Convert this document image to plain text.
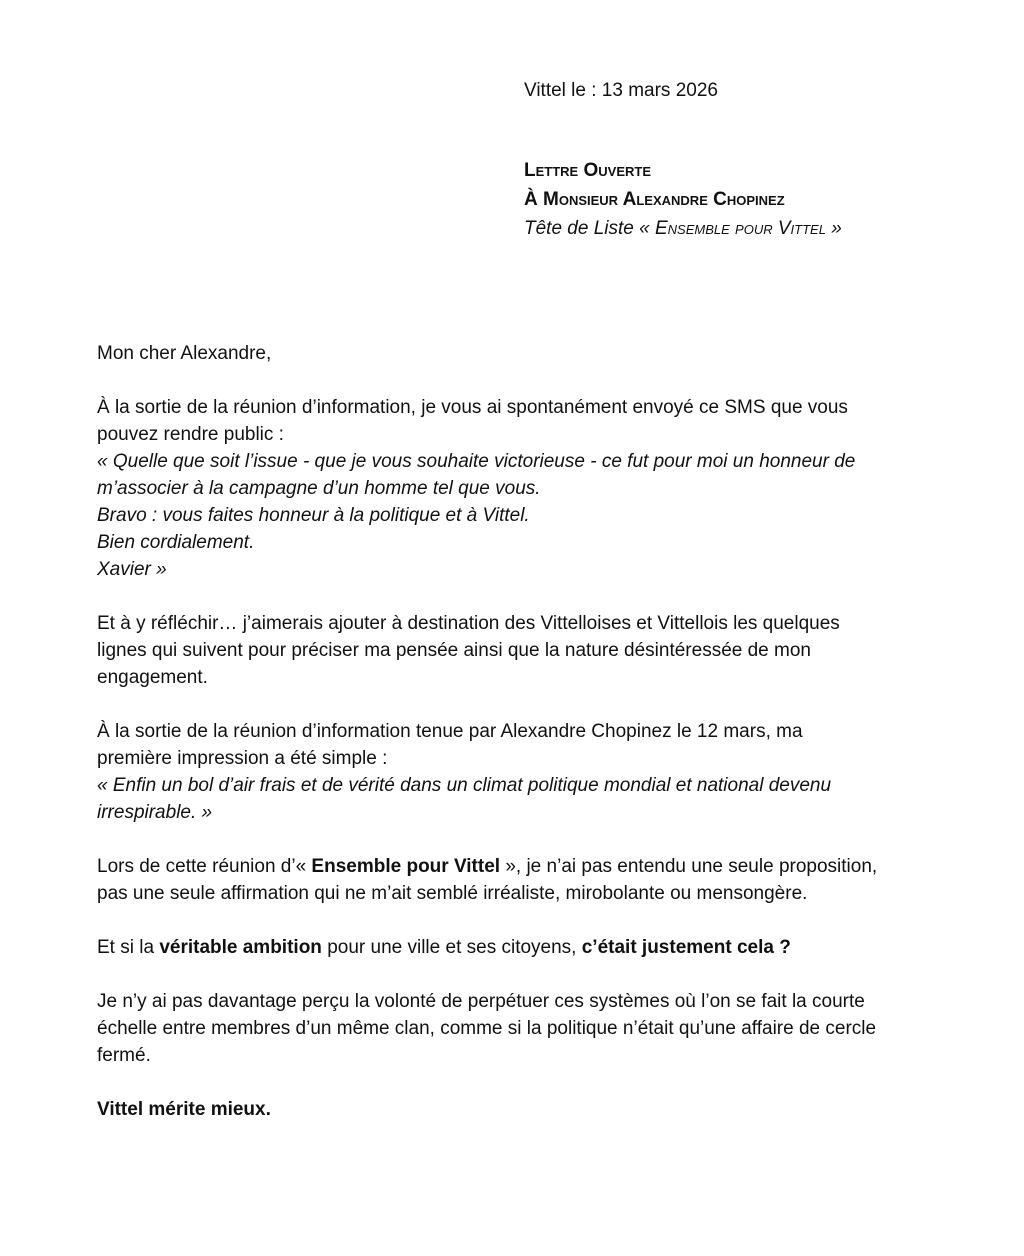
Vittel le : 13 mars 2026
Lettre Ouverte
À Monsieur Alexandre Chopinez
Tête de Liste « Ensemble pour Vittel »

Mon cher Alexandre,

À la sortie de la réunion d’information, je vous ai spontanément envoyé ce SMS que vous
pouvez rendre public :
« Quelle que soit l’issue - que je vous souhaite victorieuse - ce fut pour moi un honneur de
m’associer à la campagne d’un homme tel que vous.
Bravo : vous faites honneur à la politique et à Vittel.
Bien cordialement.
Xavier »

Et à y réfléchir… j’aimerais ajouter à destination des Vittelloises et Vittellois les quelques
lignes qui suivent pour préciser ma pensée ainsi que la nature désintéressée de mon
engagement.

À la sortie de la réunion d’information tenue par Alexandre Chopinez le 12 mars, ma
première impression a été simple :
« Enfin un bol d’air frais et de vérité dans un climat politique mondial et national devenu
irrespirable. »

Lors de cette réunion d’« Ensemble pour Vittel », je n’ai pas entendu une seule proposition,
pas une seule affirmation qui ne m’ait semblé irréaliste, mirobolante ou mensongère.

Et si la véritable ambition pour une ville et ses citoyens, c’était justement cela ?

Je n’y ai pas davantage perçu la volonté de perpétuer ces systèmes où l’on se fait la courte
échelle entre membres d’un même clan, comme si la politique n’était qu’une affaire de cercle
fermé.

Vittel mérite mieux.
